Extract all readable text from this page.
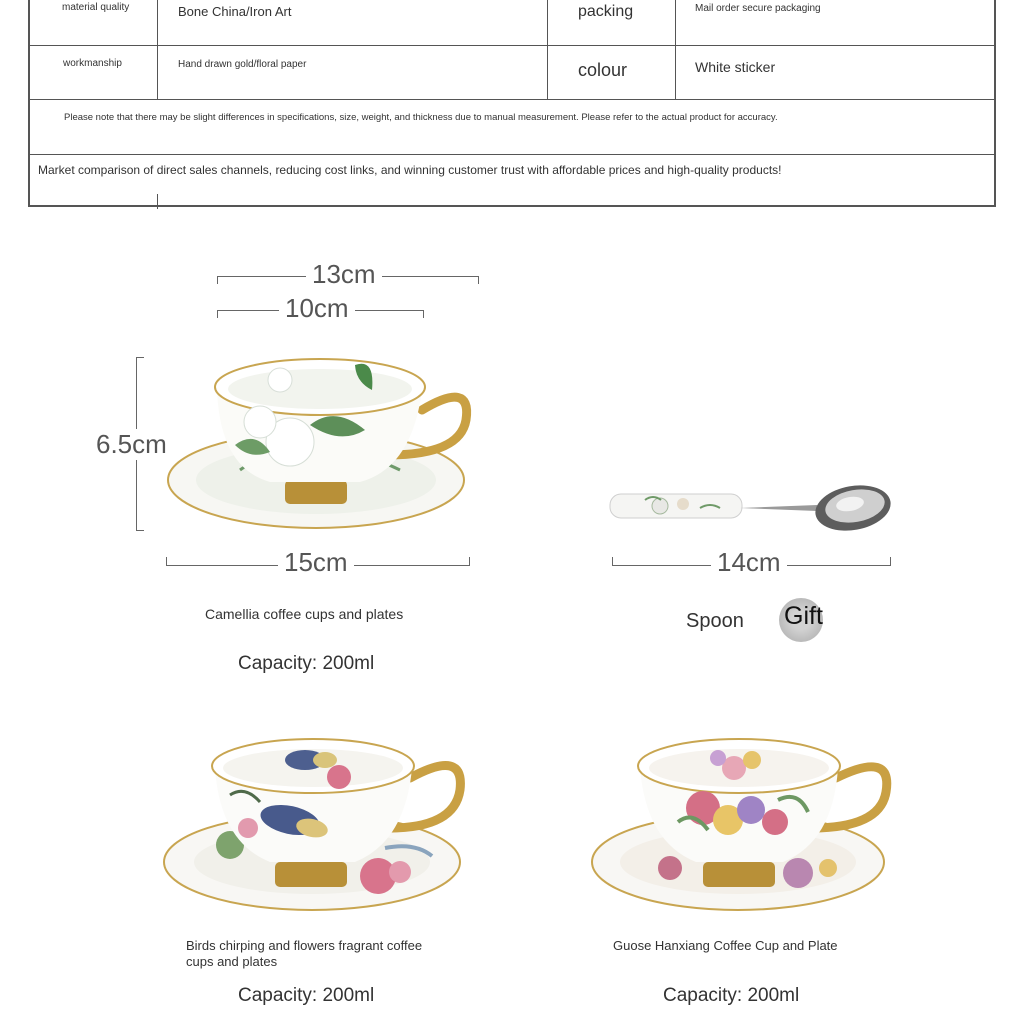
material quality	Bone China/Iron Art	packing	Mail order secure packaging
workmanship	Hand drawn gold/floral paper	colour	White sticker
Please note that there may be slight differences in specifications, size, weight, and thickness due to manual measurement. Please refer to the actual product for accuracy.
Market comparison of direct sales channels, reducing cost links, and winning customer trust with affordable prices and high-quality products!
13cm
10cm
6.5cm
15cm
Camellia coffee cups and plates
Capacity: 200ml
14cm
Spoon Gift
Birds chirping and flowers fragrant coffee cups and plates
Capacity: 200ml
Guose Hanxiang Coffee Cup and Plate
Capacity: 200ml
